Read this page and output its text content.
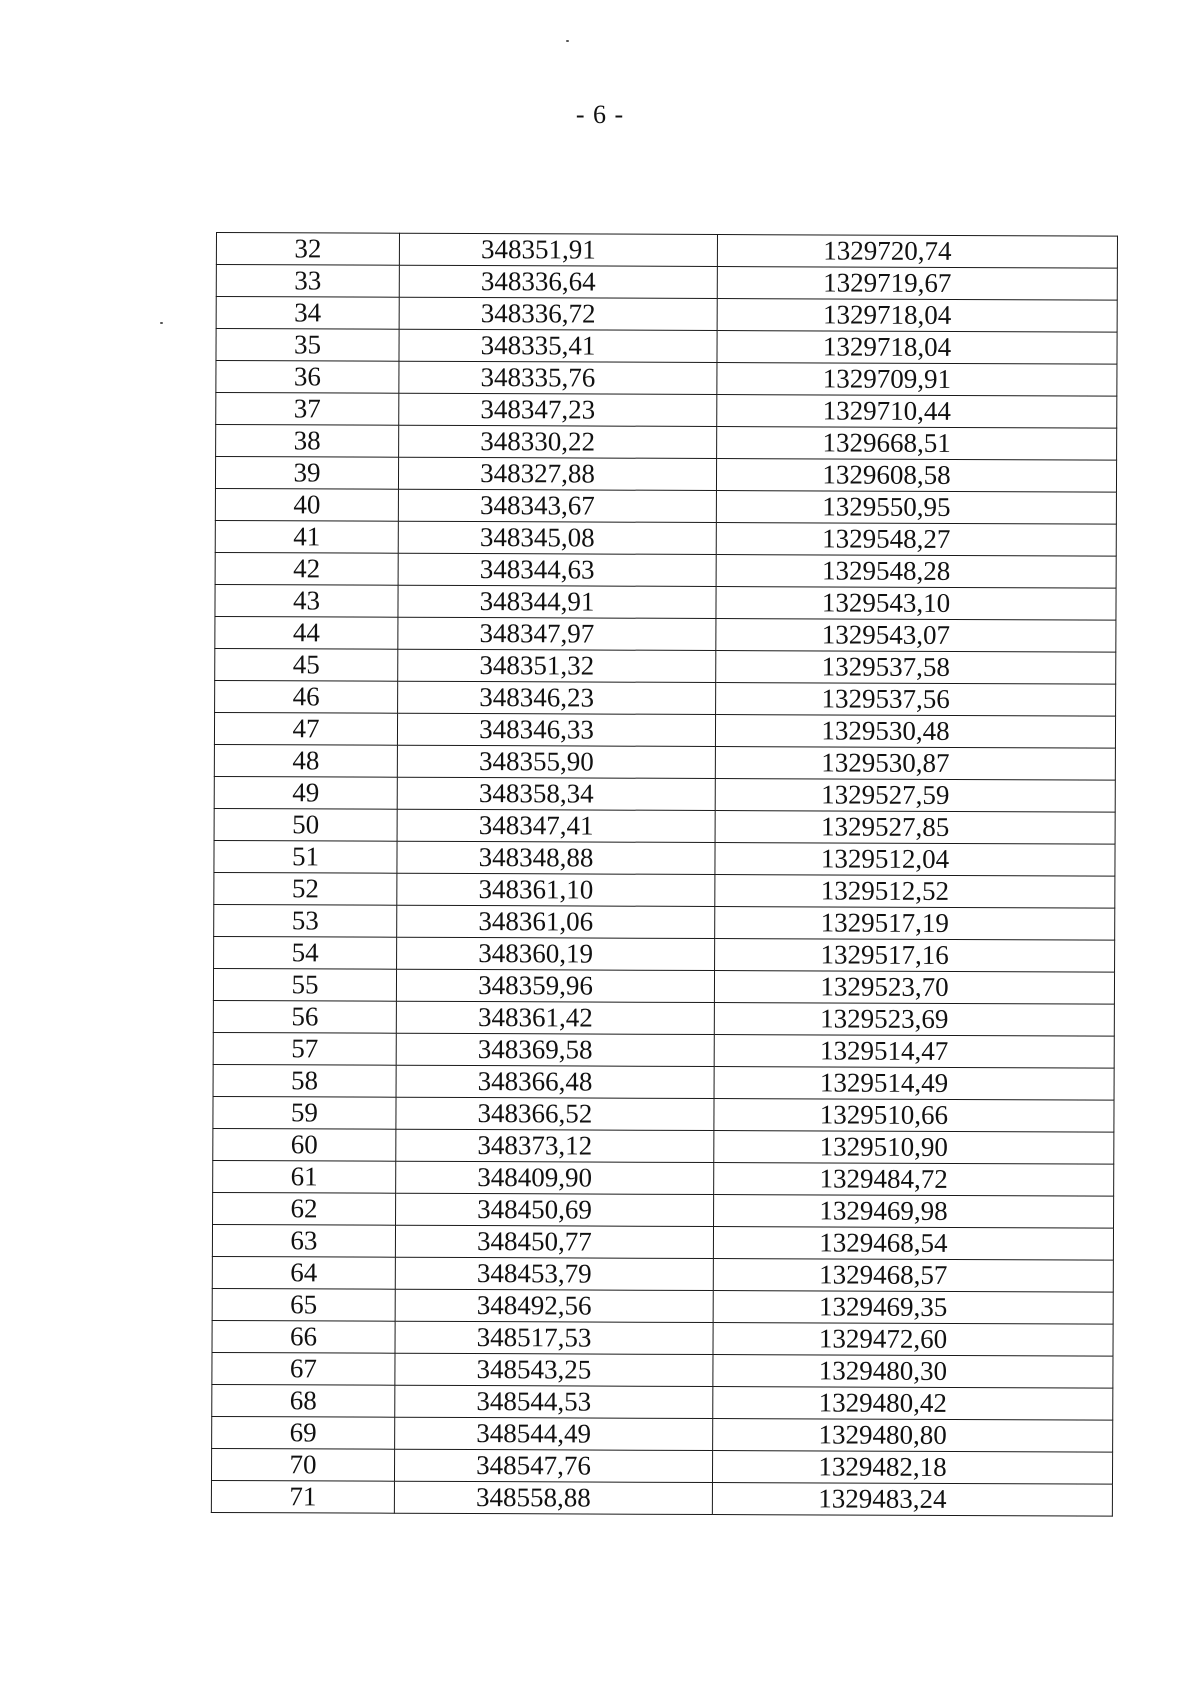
- 6 -
32	348351,91	1329720,74
33	348336,64	1329719,67
34	348336,72	1329718,04
35	348335,41	1329718,04
36	348335,76	1329709,91
37	348347,23	1329710,44
38	348330,22	1329668,51
39	348327,88	1329608,58
40	348343,67	1329550,95
41	348345,08	1329548,27
42	348344,63	1329548,28
43	348344,91	1329543,10
44	348347,97	1329543,07
45	348351,32	1329537,58
46	348346,23	1329537,56
47	348346,33	1329530,48
48	348355,90	1329530,87
49	348358,34	1329527,59
50	348347,41	1329527,85
51	348348,88	1329512,04
52	348361,10	1329512,52
53	348361,06	1329517,19
54	348360,19	1329517,16
55	348359,96	1329523,70
56	348361,42	1329523,69
57	348369,58	1329514,47
58	348366,48	1329514,49
59	348366,52	1329510,66
60	348373,12	1329510,90
61	348409,90	1329484,72
62	348450,69	1329469,98
63	348450,77	1329468,54
64	348453,79	1329468,57
65	348492,56	1329469,35
66	348517,53	1329472,60
67	348543,25	1329480,30
68	348544,53	1329480,42
69	348544,49	1329480,80
70	348547,76	1329482,18
71	348558,88	1329483,24
